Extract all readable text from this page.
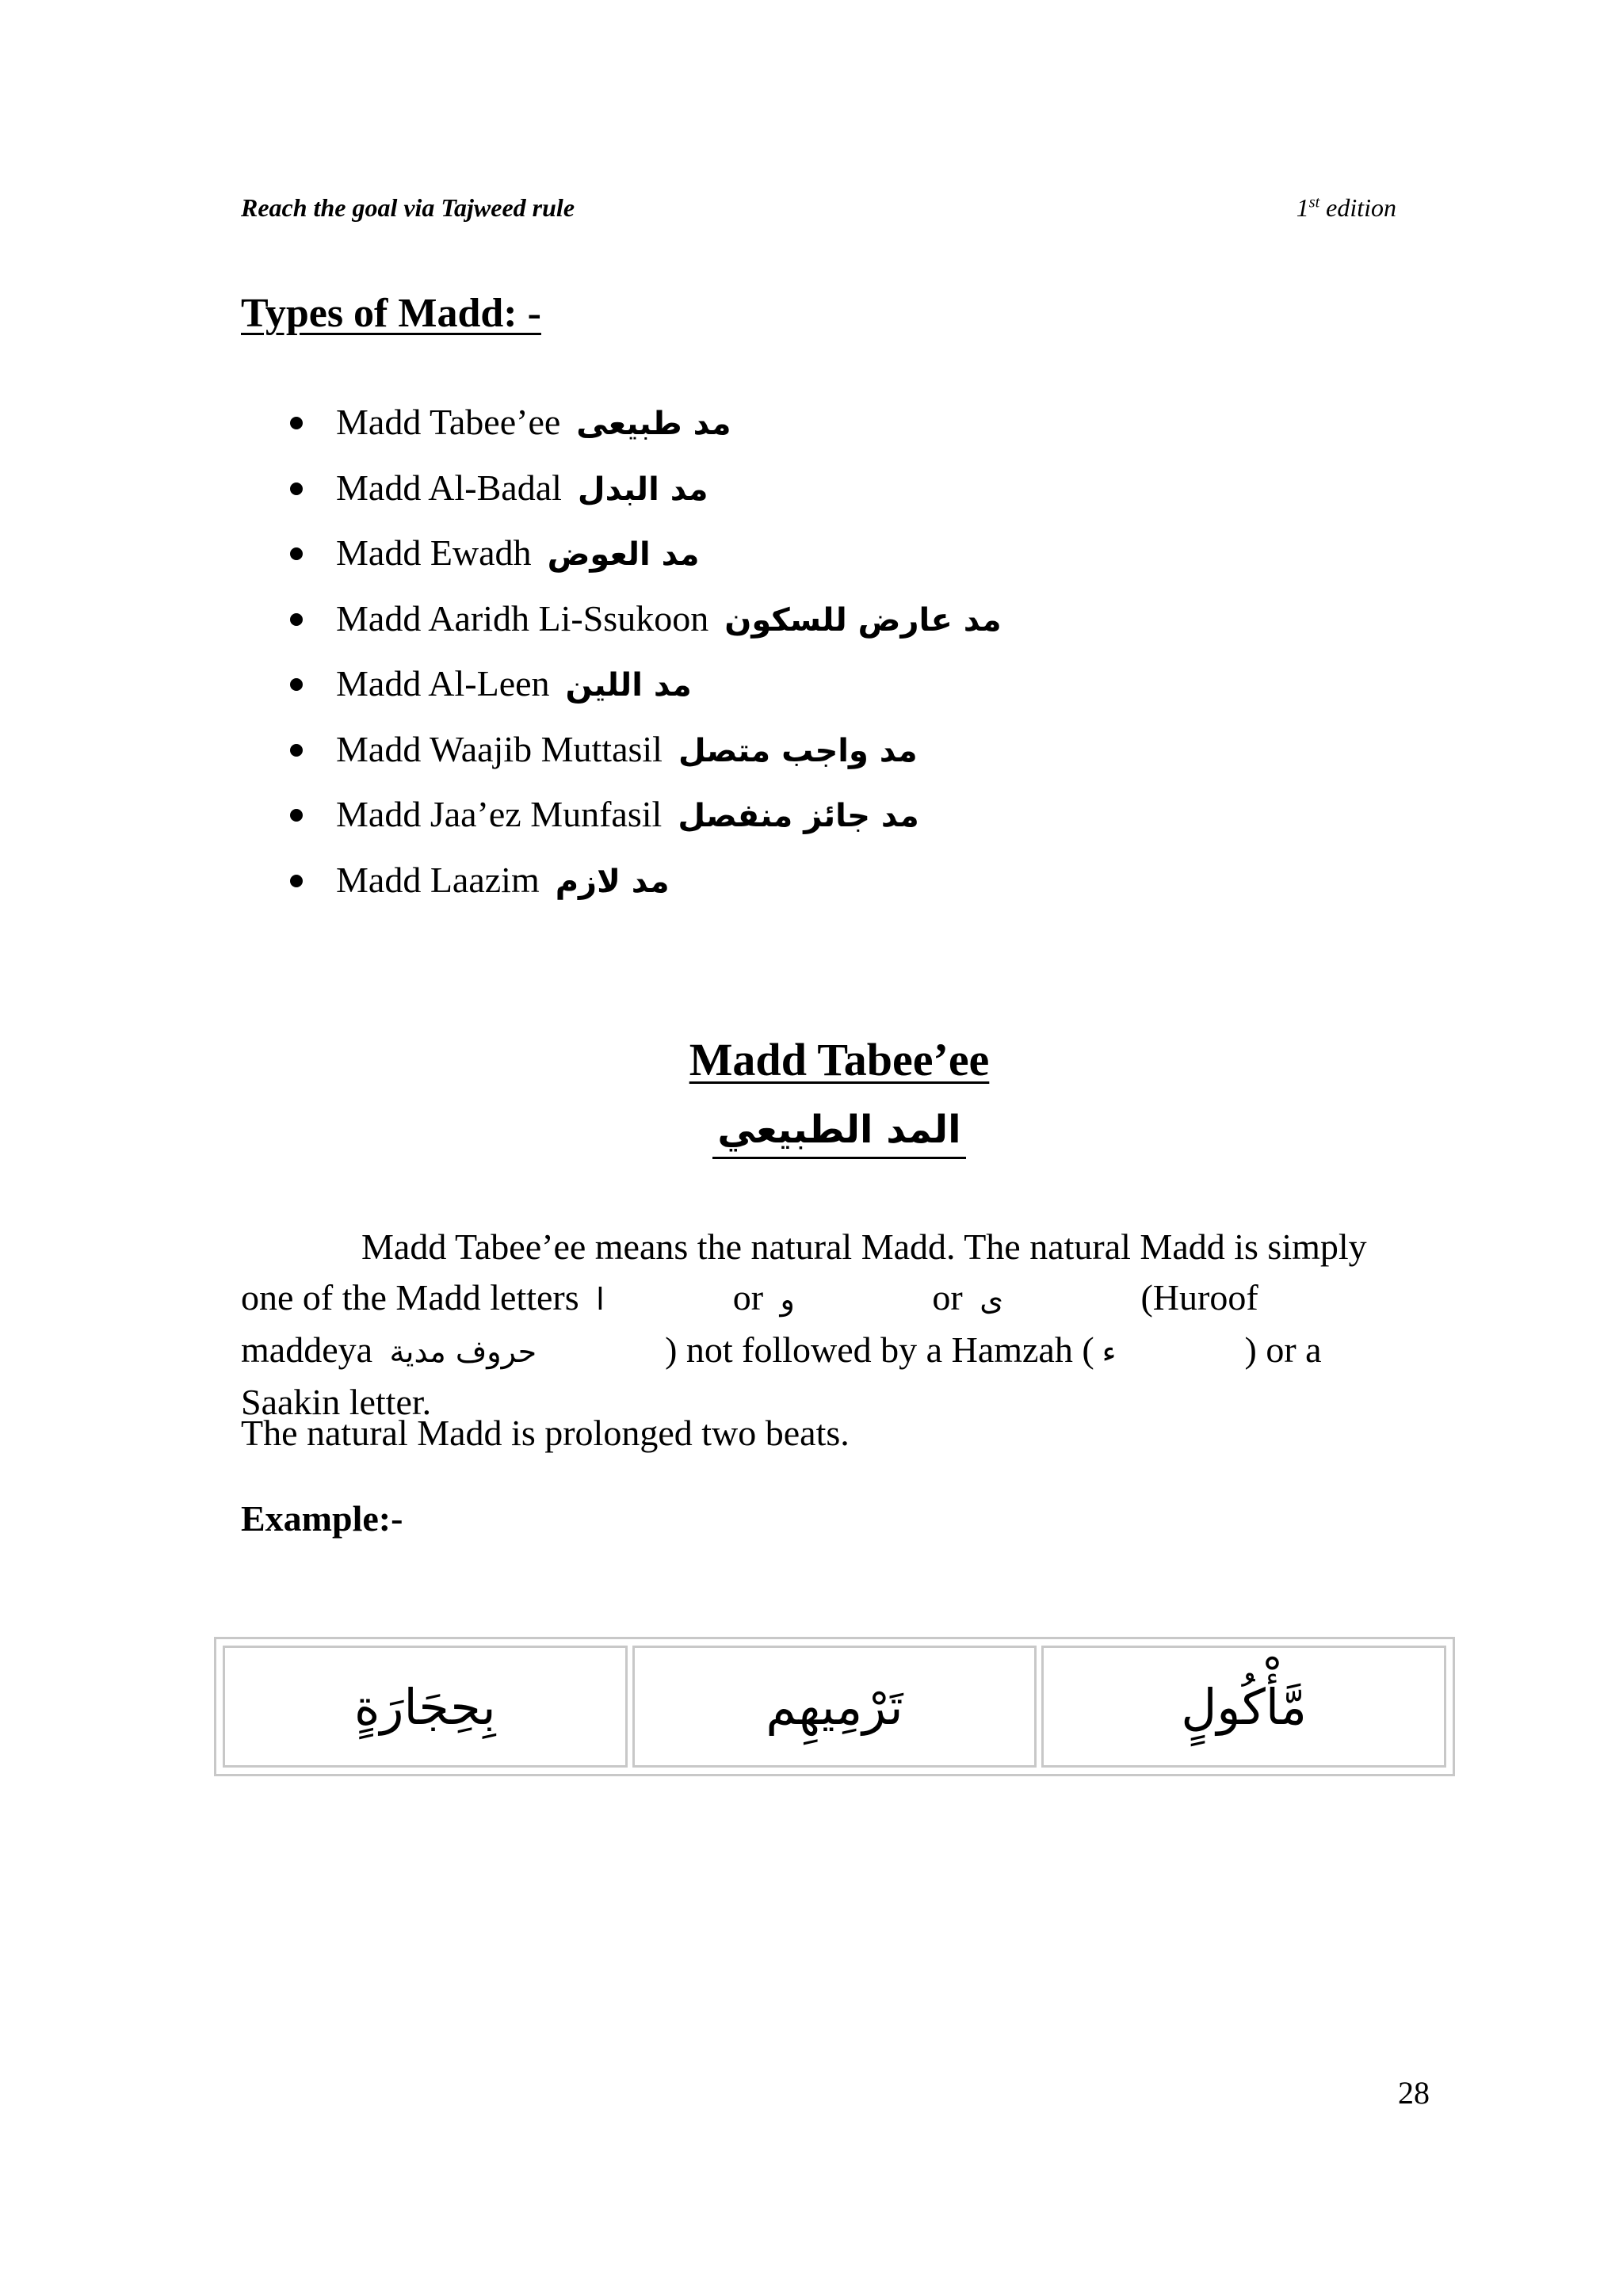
Reach the goal via Tajweed rule	1st edition
Types of Madd: -
Madd Tabee’ee مد طبيعى
Madd Al-Badal مد البدل
Madd Ewadh مد العوض
Madd Aaridh Li-Ssukoon مد عارض للسكون
Madd Al-Leen مد اللين
Madd Waajib Muttasil مد واجب متصل
Madd Jaa’ez Munfasil مد جائز منفصل
Madd Laazim مد لازم
Madd Tabee’ee
المد الطبيعي

Madd Tabee’ee means the natural Madd. The natural Madd is simply one of the Madd letters ا	or و	or ى	(Huroof maddeya حروف مدية	) not followed by a Hamzah ( ء	) or a Saakin letter.

The natural Madd is prolonged two beats.

Example:-

بِحِجَارَةٍ	تَرْمِيهِم	مَّأْكُولٍ
28
